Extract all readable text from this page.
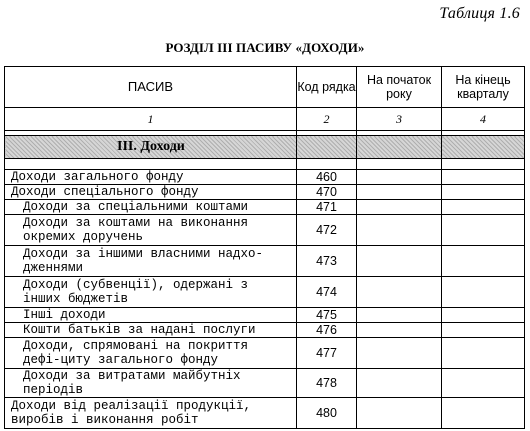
Таблиця 1.6
РОЗДІЛ ІІІ ПАСИВУ «ДОХОДИ»
ПАСИВ	Код рядка	На початок року	На кінець кварталу
1	2	3	4

ІІІ. Доходи			

Доходи загального фонду	460		
Доходи спеціального фонду	470		
Доходи за спеціальними коштами	471		
Доходи за коштами на виконання окремих доручень	472		
Доходи за іншими власними надхо-дженнями	473		
Доходи (субвенції), одержані з інших бюджетів	474		
Інші доходи	475		
Кошти батьків за надані послуги	476		
Доходи, спрямовані на покриття дефі-циту загального фонду	477		
Доходи за витратами майбутніх періодів	478		
Доходи від реалізації продукції, виробів і виконання робіт	480		
